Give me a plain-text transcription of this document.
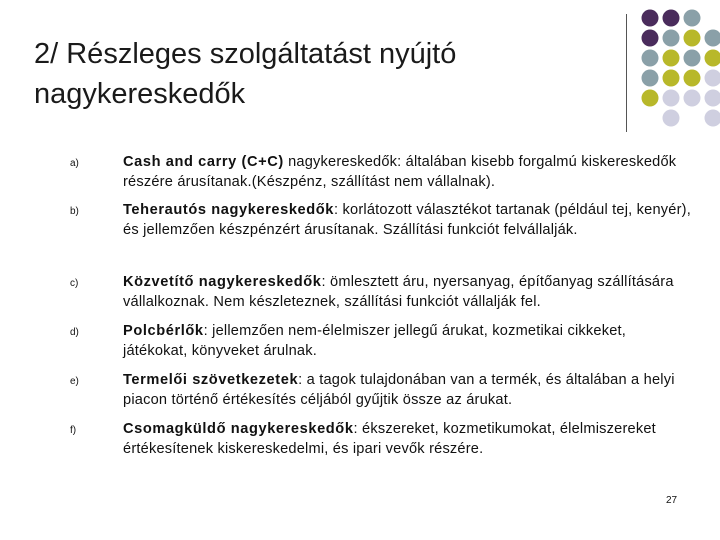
2/ Részleges szolgáltatást nyújtó
nagykereskedők
a)	Cash and carry (C+C) nagykereskedők: általában kisebb forgalmú kiskereskedők részére árusítanak.(Készpénz, szállítást nem vállalnak).
b)	Teherautós nagykereskedők: korlátozott választékot tartanak (például tej, kenyér), és jellemzően készpénzért árusítanak. Szállítási funkciót felvállalják.
c)	Közvetítő nagykereskedők: ömlesztett áru, nyersanyag, építőanyag szállítására vállalkoznak. Nem készleteznek, szállítási funkciót vállalják fel.
d)	Polcbérlők: jellemzően nem-élelmiszer jellegű árukat, kozmetikai cikkeket, játékokat, könyveket árulnak.
e)	Termelői szövetkezetek: a tagok tulajdonában van a termék, és általában a helyi piacon történő értékesítés céljából gyűjtik össze az árukat.
f)	Csomagküldő nagykereskedők: ékszereket, kozmetikumokat, élelmiszereket értékesítenek kiskereskedelmi, és ipari vevők részére.
27
